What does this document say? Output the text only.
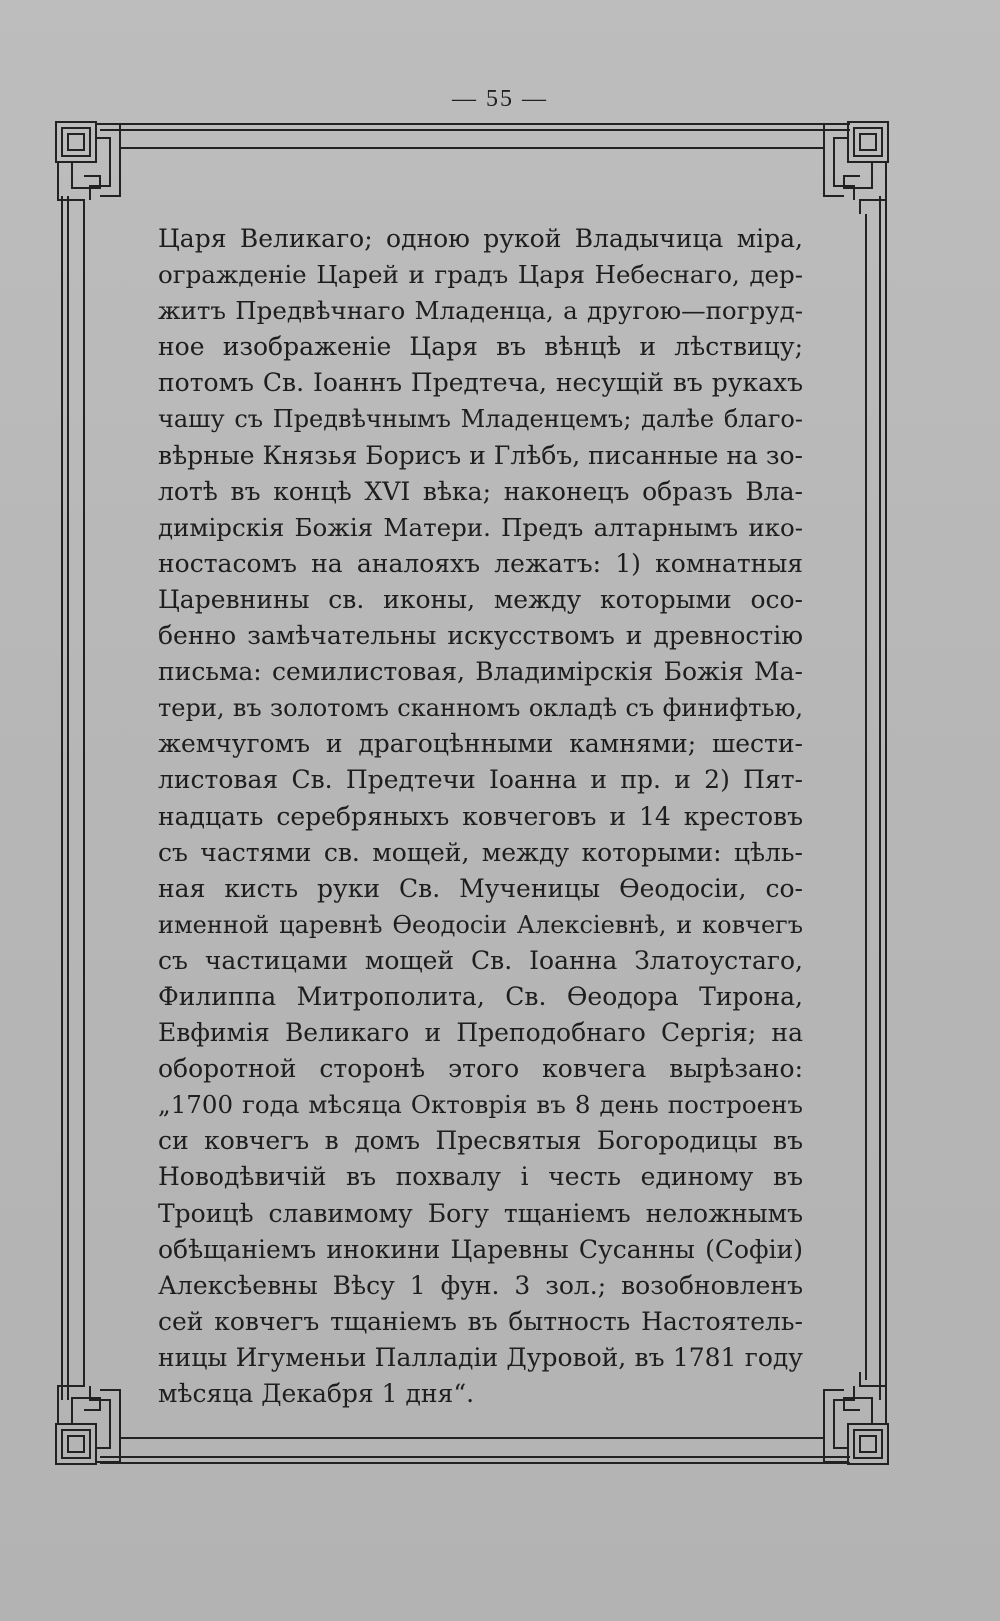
— 55 —
Царя Великаго; одною рукой Владычица міра,
огражденіе Царей и градъ Царя Небеснаго, дер-
житъ Предвѣчнаго Младенца, а другою—погруд-
ное изображеніе Царя въ вѣнцѣ и лѣствицу;
потомъ Св. Іоаннъ Предтеча, несущій въ рукахъ
чашу съ Предвѣчнымъ Младенцемъ; далѣе благо-
вѣрные Князья Борисъ и Глѣбъ, писанные на зо-
лотѣ въ концѣ XVI вѣка; наконецъ образъ Вла-
димірскія Божія Матери. Предъ алтарнымъ ико-
ностасомъ на аналояхъ лежатъ: 1) комнатныя
Царевнины св. иконы, между которыми осо-
бенно замѣчательны искусствомъ и древностію
письма: семилистовая, Владимірскія Божія Ма-
тери, въ золотомъ сканномъ окладѣ съ финифтью,
жемчугомъ и драгоцѣнными камнями; шести-
листовая Св. Предтечи Іоанна и пр. и 2) Пят-
надцать серебряныхъ ковчеговъ и 14 крестовъ
съ частями св. мощей, между которыми: цѣль-
ная кисть руки Св. Мученицы Ѳеодосіи, со-
именной царевнѣ Ѳеодосіи Алексіевнѣ, и ковчегъ
съ частицами мощей Св. Іоанна Златоустаго,
Филиппа Митрополита, Св. Ѳеодора Тирона,
Евфимія Великаго и Преподобнаго Сергія; на
оборотной сторонѣ этого ковчега вырѣзано:
„1700 года мѣсяца Октоврія въ 8 день построенъ
си ковчегъ в домъ Пресвятыя Богородицы въ
Новодѣвичій въ похвалу і честь единому въ
Троицѣ славимому Богу тщаніемъ неложнымъ
обѣщаніемъ инокини Царевны Сусанны (Софіи)
Алексѣевны Вѣсу 1 фун. 3 зол.; возобновленъ
сей ковчегъ тщаніемъ въ бытность Настоятель-
ницы Игуменьи Палладіи Дуровой, въ 1781 году
мѣсяца Декабря 1 дня“.
